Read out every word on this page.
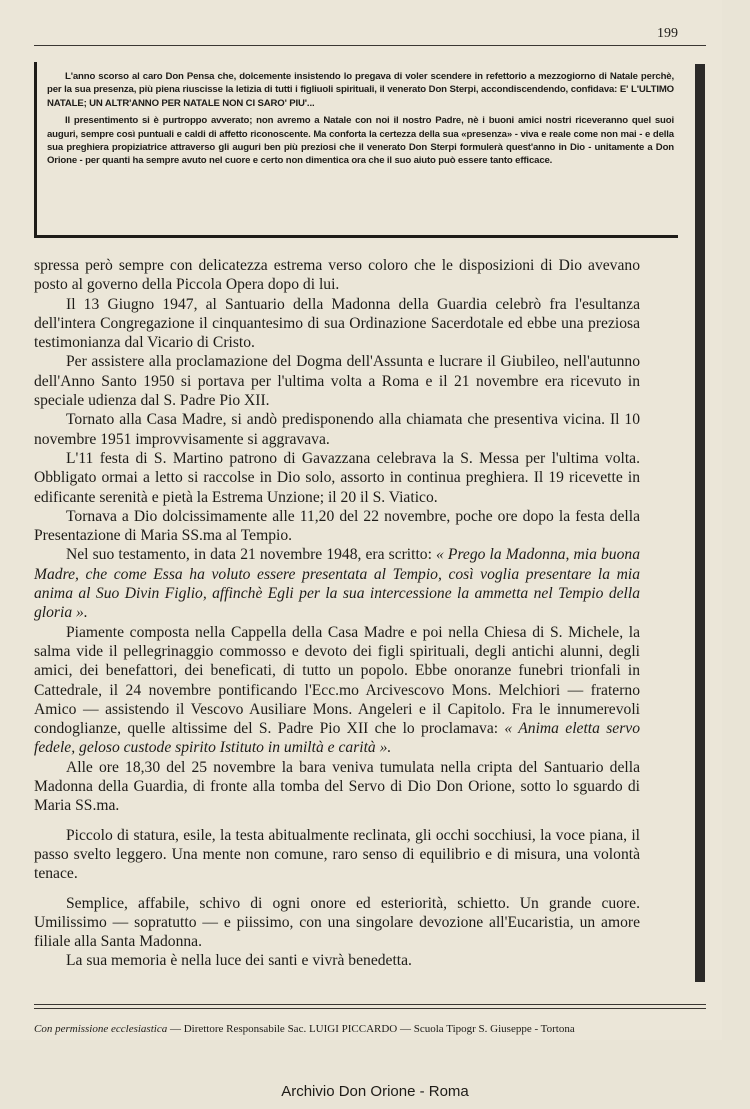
199

L'anno scorso al caro Don Pensa che, dolcemente insistendo lo pregava di voler scendere in refettorio a mezzogiorno di Natale perchè, per la sua presenza, più piena riuscisse la letizia di tutti i figliuoli spirituali, il venerato Don Sterpi, accondiscendendo, confidava: E' L'ULTIMO NATALE; UN ALTR'ANNO PER NATALE NON CI SARO' PIU'...

Il presentimento si è purtroppo avverato; non avremo a Natale con noi il nostro Padre, nè i buoni amici nostri riceveranno quel suoi auguri, sempre così puntuali e caldi di affetto riconoscente. Ma conforta la certezza della sua «presenza» - viva e reale come non mai - e della sua preghiera propiziatrice attraverso gli auguri ben più preziosi che il venerato Don Sterpi formulerà quest'anno in Dio - unitamente a Don Orione - per quanti ha sempre avuto nel cuore e certo non dimentica ora che il suo aiuto può essere tanto efficace.

spressa però sempre con delicatezza estrema verso coloro che le disposizioni di Dio avevano posto al governo della Piccola Opera dopo di lui.

Il 13 Giugno 1947, al Santuario della Madonna della Guardia celebrò fra l'esultanza dell'intera Congregazione il cinquantesimo di sua Ordinazione Sacerdotale ed ebbe una preziosa testimonianza dal Vicario di Cristo.

Per assistere alla proclamazione del Dogma dell'Assunta e lucrare il Giubileo, nell'autunno dell'Anno Santo 1950 si portava per l'ultima volta a Roma e il 21 novembre era ricevuto in speciale udienza dal S. Padre Pio XII.

Tornato alla Casa Madre, si andò predisponendo alla chiamata che presentiva vicina. Il 10 novembre 1951 improvvisamente si aggravava.

L'11 festa di S. Martino patrono di Gavazzana celebrava la S. Messa per l'ultima volta. Obbligato ormai a letto si raccolse in Dio solo, assorto in continua preghiera. Il 19 ricevette in edificante serenità e pietà la Estrema Unzione; il 20 il S. Viatico.

Tornava a Dio dolcissimamente alle 11,20 del 22 novembre, poche ore dopo la festa della Presentazione di Maria SS.ma al Tempio.

Nel suo testamento, in data 21 novembre 1948, era scritto: « Prego la Madonna, mia buona Madre, che come Essa ha voluto essere presentata al Tempio, così voglia presentare la mia anima al Suo Divin Figlio, affinchè Egli per la sua intercessione la ammetta nel Tempio della gloria ».

Piamente composta nella Cappella della Casa Madre e poi nella Chiesa di S. Michele, la salma vide il pellegrinaggio commosso e devoto dei figli spirituali, degli antichi alunni, degli amici, dei benefattori, dei beneficati, di tutto un popolo. Ebbe onoranze funebri trionfali in Cattedrale, il 24 novembre pontificando l'Ecc.mo Arcivescovo Mons. Melchiori — fraterno Amico — assistendo il Vescovo Ausiliare Mons. Angeleri e il Capitolo. Fra le innumerevoli condoglianze, quelle altissime del S. Padre Pio XII che lo proclamava: « Anima eletta servo fedele, geloso custode spirito Istituto in umiltà e carità ».

Alle ore 18,30 del 25 novembre la bara veniva tumulata nella cripta del Santuario della Madonna della Guardia, di fronte alla tomba del Servo di Dio Don Orione, sotto lo sguardo di Maria SS.ma.

Piccolo di statura, esile, la testa abitualmente reclinata, gli occhi socchiusi, la voce piana, il passo svelto leggero. Una mente non comune, raro senso di equilibrio e di misura, una volontà tenace.

Semplice, affabile, schivo di ogni onore ed esteriorità, schietto. Un grande cuore. Umilissimo — sopratutto — e piissimo, con una singolare devozione all'Eucaristia, un amore filiale alla Santa Madonna.

La sua memoria è nella luce dei santi e vivrà benedetta.

Con permissione ecclesiastica — Direttore Responsabile Sac. LUIGI PICCARDO — Scuola Tipogr S. Giuseppe - Tortona
Archivio Don Orione - Roma
